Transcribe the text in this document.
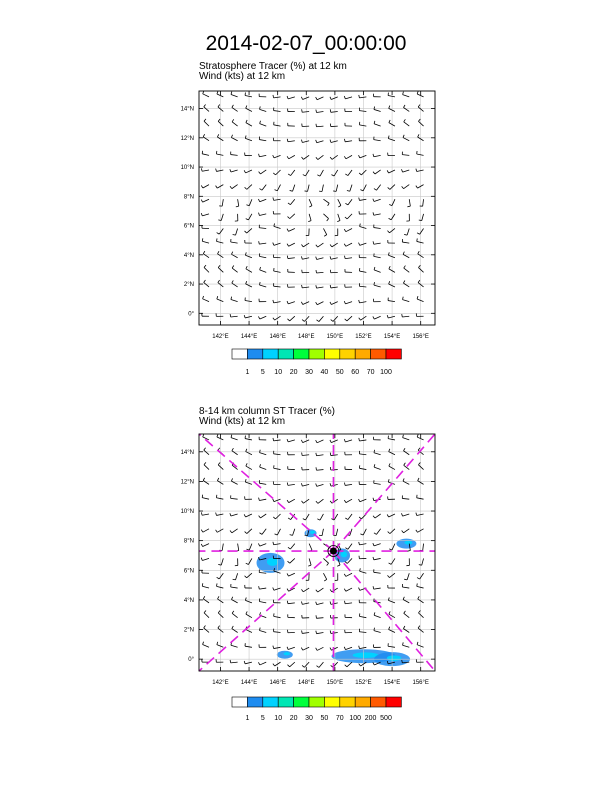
2014-02-07_00:00:00
Stratosphere Tracer (%) at 12 km
Wind (kts) at 12 km
8-14 km column ST Tracer (%)
Wind (kts) at 12 km
142°E 144°E 146°E 148°E 150°E 152°E 154°E 156°E
0°
2°N
4°N
6°N
8°N
10°N
12°N
14°N
1 5 10 20 30 40 50 60 70 100
142°E 144°E 146°E 148°E 150°E 152°E 154°E 156°E
0°
2°N
4°N
6°N
8°N
10°N
12°N
14°N
1 5 10 20 30 50 70 100 200 500
